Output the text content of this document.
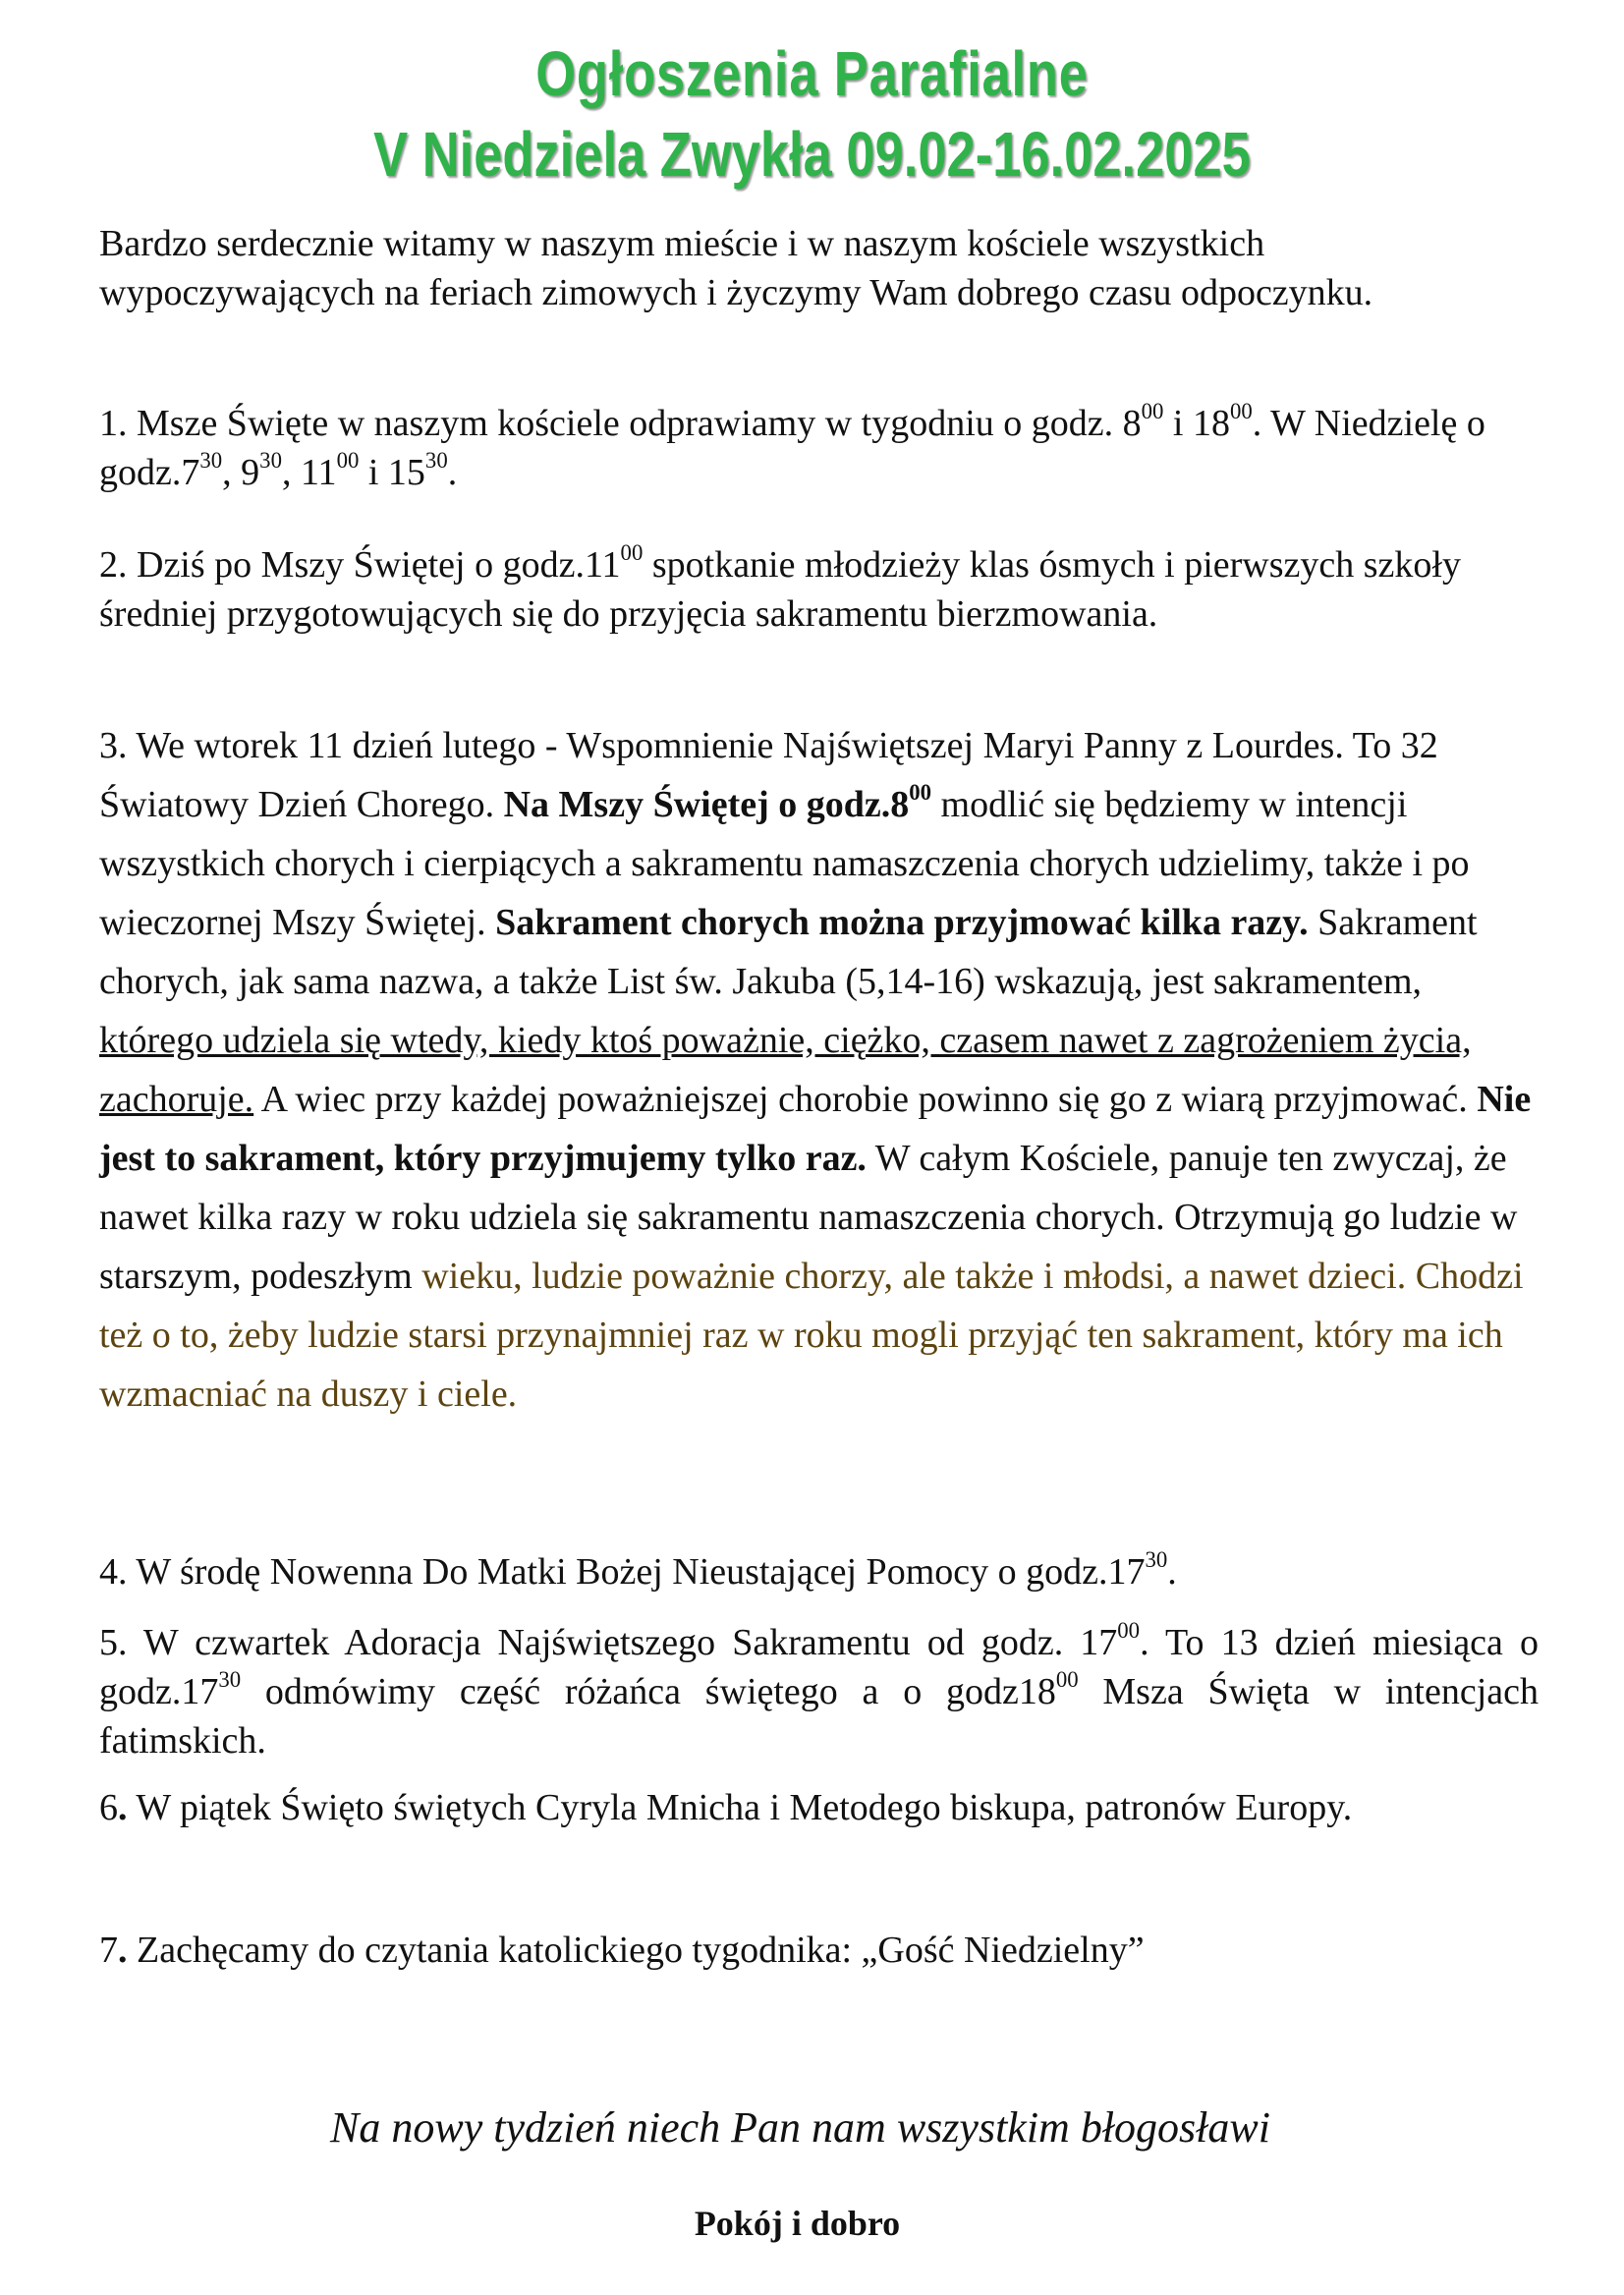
Ogłoszenia Parafialne
V Niedziela Zwykła 09.02-16.02.2025
Bardzo serdecznie witamy w naszym mieście i w naszym kościele wszystkich wypoczywających na feriach zimowych i życzymy Wam dobrego czasu odpoczynku.
1. Msze Święte w naszym kościele odprawiamy w tygodniu o godz. $8^{00}$ i $18^{00}$. W Niedzielę o $godz.7^{30}$, $9^{30}$, $11^{00}$ i $15^{30}$.
2. Dziś po Mszy Świętej o $godz.11^{00}$ spotkanie młodzieży klas ósmych i pierwszych szkoły średniej przygotowujących się do przyjęcia sakramentu bierzmowania.
3. We wtorek 11 dzień lutego - Wspomnienie Najświętszej Maryi Panny z Lourdes. To 32 Światowy Dzień Chorego. Na Mszy Świętej o $godz.8^{00}$ modlić się będziemy w intencji wszystkich chorych i cierpiących a sakramentu namaszczenia chorych udzielimy, także i po wieczornej Mszy Świętej. Sakrament chorych można przyjmować kilka razy. Sakrament chorych, jak sama nazwa, a także List św. Jakuba (5,14-16) wskazują, jest sakramentem, którego udziela się wtedy, kiedy ktoś poważnie, ciężko, czasem nawet z zagrożeniem życia, zachoruje. A wiec przy każdej poważniejszej chorobie powinno się go z wiarą przyjmować. Nie jest to sakrament, który przyjmujemy tylko raz. W całym Kościele, panuje ten zwyczaj, że nawet kilka razy w roku udziela się sakramentu namaszczenia chorych. Otrzymują go ludzie w starszym, podeszłym wieku, ludzie poważnie chorzy, ale także i młodsi, a nawet dzieci. Chodzi też o to, żeby ludzie starsi przynajmniej raz w roku mogli przyjąć ten sakrament, który ma ich wzmacniać na duszy i ciele.
4. W środę Nowenna Do Matki Bożej Nieustającej Pomocy o $godz.17^{30}$.
5. W czwartek Adoracja Najświętszego Sakramentu od godz. $17^{00}$. To 13 dzień miesiąca o $godz.17^{30}$ odmówimy część różańca świętego a o $godz18^{00}$ Msza Święta w intencjach fatimskich.
6. W piątek Święto świętych Cyryla Mnicha i Metodego biskupa, patronów Europy.
7. Zachęcamy do czytania katolickiego tygodnika: „Gość Niedzielny”
Na nowy tydzień niech Pan nam wszystkim błogosławi
Pokój i dobro
